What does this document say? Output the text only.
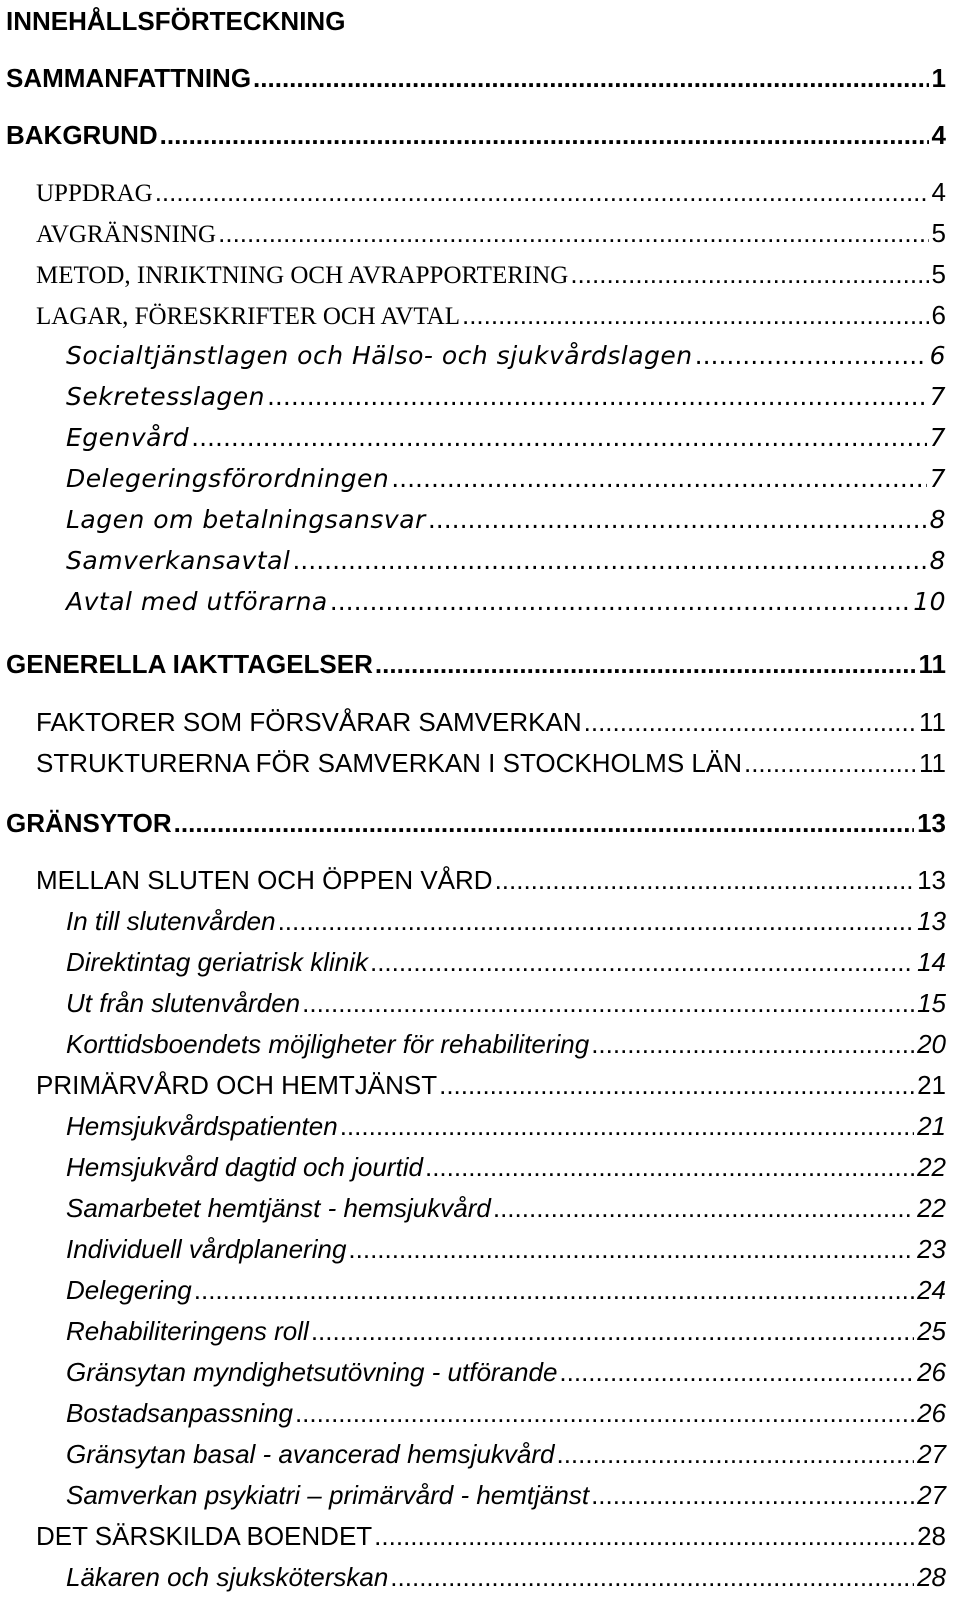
INNEHÅLLSFÖRTECKNING
SAMMANFATTNING .....	1
BAKGRUND .....	4
UPPDRAG .....	4
AVGRÄNSNING .....	5
METOD, INRIKTNING OCH AVRAPPORTERING .....	5
LAGAR, FÖRESKRIFTER OCH AVTAL .....	6
Socialtjänstlagen och Hälso- och sjukvårdslagen .....	6
Sekretesslagen .....	7
Egenvård .....	7
Delegeringsförordningen .....	7
Lagen om betalningsansvar .....	8
Samverkansavtal .....	8
Avtal med utförarna .....	10
GENERELLA IAKTTAGELSER .....	11
FAKTORER SOM FÖRSVÅRAR SAMVERKAN .....	11
STRUKTURERNA FÖR SAMVERKAN I STOCKHOLMS LÄN .....	11
GRÄNSYTOR .....	13
MELLAN SLUTEN OCH ÖPPEN VÅRD .....	13
In till slutenvården .....	13
Direktintag geriatrisk klinik .....	14
Ut från slutenvården .....	15
Korttidsboendets möjligheter för rehabilitering .....	20
PRIMÄRVÅRD OCH HEMTJÄNST .....	21
Hemsjukvårdspatienten .....	21
Hemsjukvård dagtid och jourtid .....	22
Samarbetet hemtjänst - hemsjukvård .....	22
Individuell vårdplanering .....	23
Delegering .....	24
Rehabiliteringens roll .....	25
Gränsytan myndighetsutövning - utförande .....	26
Bostadsanpassning .....	26
Gränsytan basal - avancerad hemsjukvård .....	27
Samverkan psykiatri – primärvård - hemtjänst .....	27
DET SÄRSKILDA BOENDET .....	28
Läkaren och sjuksköterskan .....	28
